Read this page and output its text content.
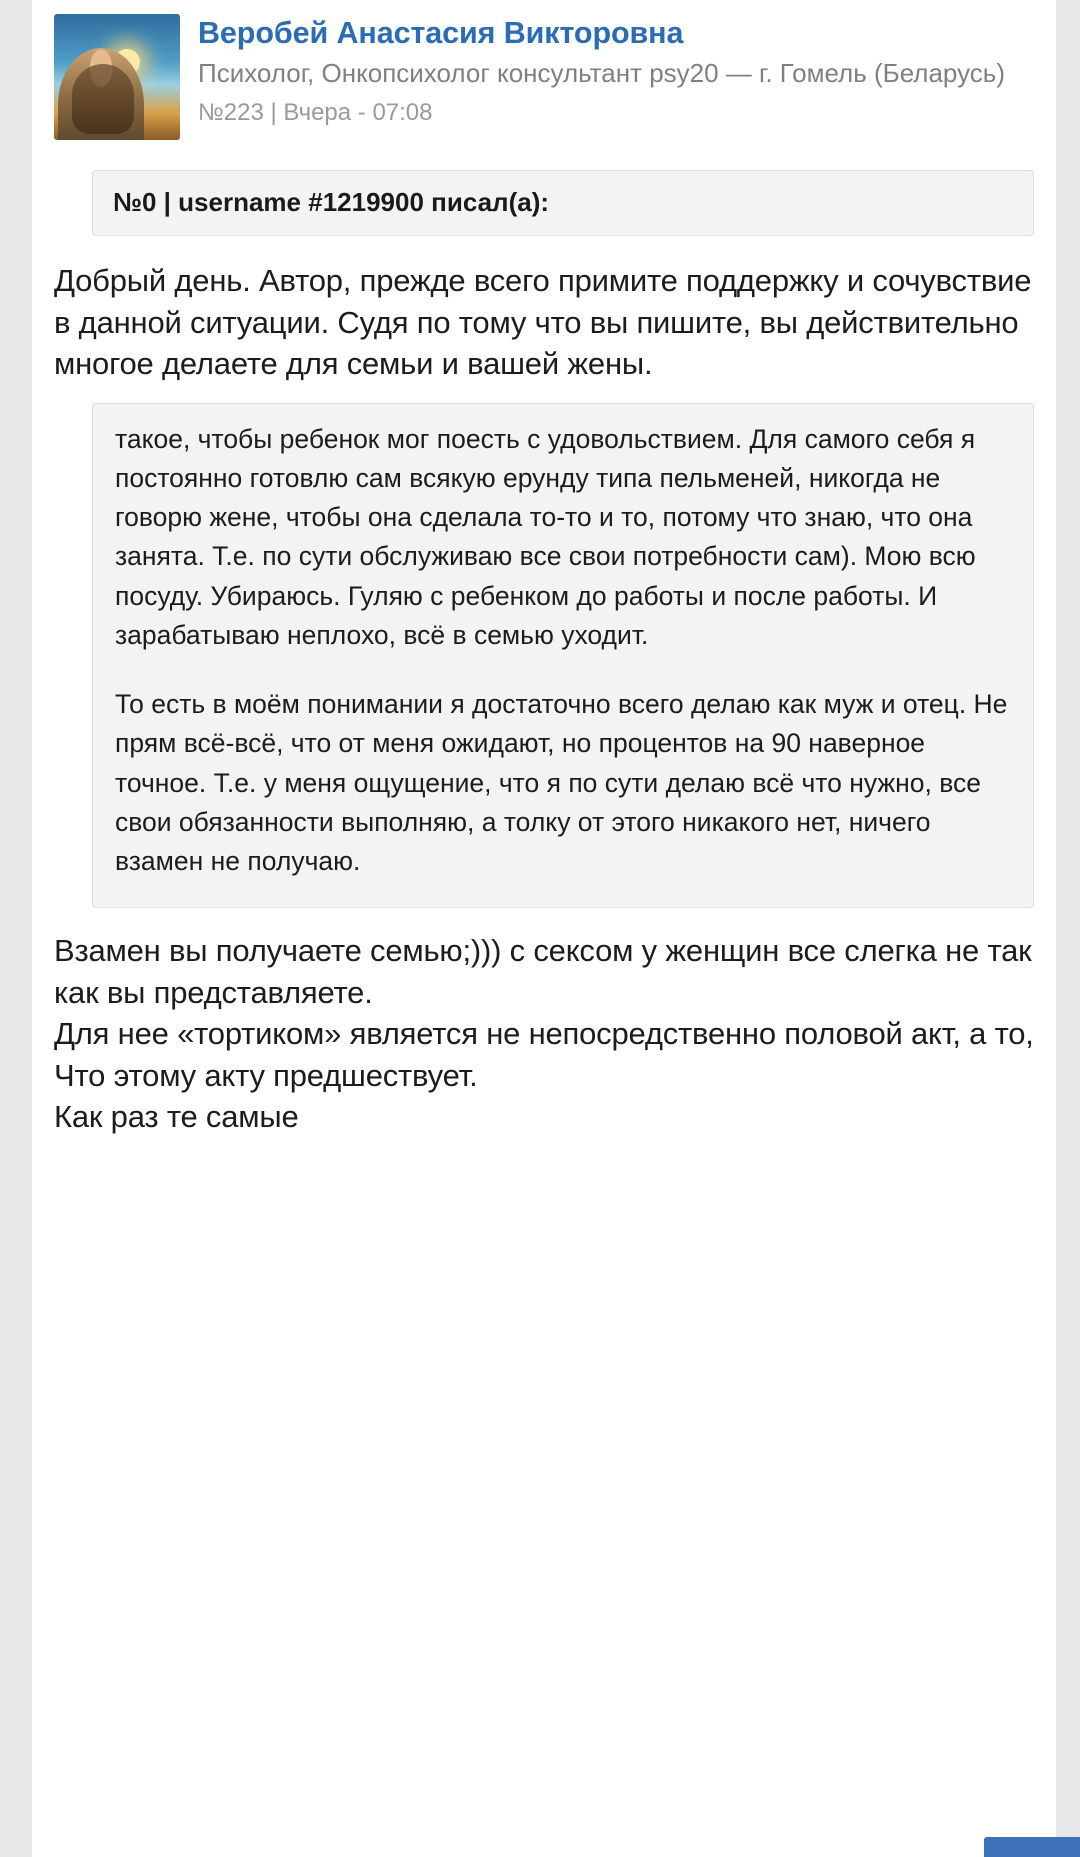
Веробей Анастасия Викторовна
Психолог, Онкопсихолог консультант psy20 — г. Гомель (Беларусь)
№223 | Вчера - 07:08
№0 | username #1219900 писал(а):

Добрый день. Автор, прежде всего примите поддержку и сочувствие в данной ситуации. Судя по тому что вы пишите, вы действительно многое делаете для семьи и вашей жены.

такое, чтобы ребенок мог поесть с удовольствием. Для самого себя я постоянно готовлю сам всякую ерунду типа пельменей, никогда не говорю жене, чтобы она сделала то-то и то, потому что знаю, что она занята. Т.е. по сути обслуживаю все свои потребности сам). Мою всю посуду. Убираюсь. Гуляю с ребенком до работы и после работы. И зарабатываю неплохо, всё в семью уходит.

То есть в моём понимании я достаточно всего делаю как муж и отец. Не прям всё-всё, что от меня ожидают, но процентов на 90 наверное точное. Т.е. у меня ощущение, что я по сути делаю всё что нужно, все свои обязанности выполняю, а толку от этого никакого нет, ничего взамен не получаю.

Взамен вы получаете семью;))) с сексом у женщин все слегка не так как вы представляете.

Для нее «тортиком» является не непосредственно половой акт, а то, Что этому акту предшествует.

Как раз те самые
